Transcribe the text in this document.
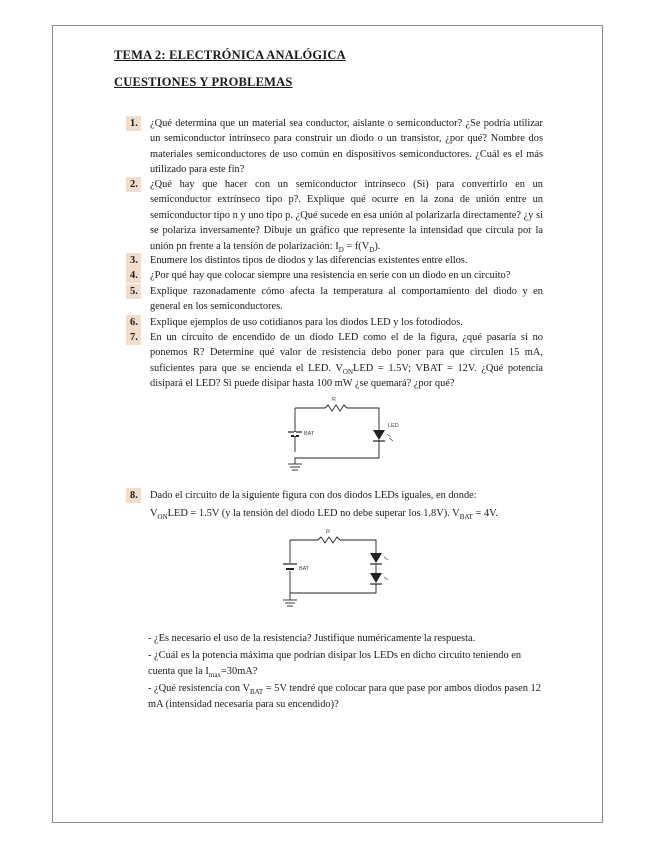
TEMA 2: ELECTRÓNICA ANALÓGICA
CUESTIONES Y PROBLEMAS
1. ¿Qué determina que un material sea conductor, aislante o semiconductor? ¿Se podría utilizar un semiconductor intrínseco para construir un diodo o un transistor, ¿por qué? Nombre dos materiales semiconductores de uso común en dispositivos semiconductores. ¿Cuál es el más utilizado para este fin?
2. ¿Qué hay que hacer con un semiconductor intrínseco (Si) para convertirlo en un semiconductor extrínseco tipo p?. Explique qué ocurre en la zona de unión entre un semiconductor tipo n y uno tipo p. ¿Qué sucede en esa unión al polarizarla directamente? ¿y si se polariza inversamente? Dibuje un gráfico que represente la intensidad que circula por la unión pn frente a la tensión de polarización: $I_D = f(V_D)$.
3. Enumere los distintos tipos de diodos y las diferencias existentes entre ellos.
4. ¿Por qué hay que colocar siempre una resistencia en serie con un diodo en un circuito?
5. Explique razonadamente cómo afecta la temperatura al comportamiento del diodo y en general en los semiconductores.
6. Explique ejemplos de uso cotidianos para los diodos LED y los fotodiodos.
7. En un circuito de encendido de un diodo LED como el de la figura, ¿qué pasaría si no ponemos R? Determine qué valor de resistencia debo poner para que circulen 15 mA, suficientes para que se encienda el LED. $V_{ON}LED = 1.5V$; VBAT = 12V. ¿Qué potencia disipará el LED? Si puede disipar hasta 100 mW ¿se quemará? ¿por qué?
R
BAT
LED
8. Dado el circuito de la siguiente figura con dos diodos LEDs iguales, en donde:
$V_{ON}LED = 1.5V$ (y la tensión del diodo LED no debe superar los 1.8V). $V_{BAT} = 4V$.
R
BAT

- ¿Es necesario el uso de la resistencia? Justifique numéricamente la respuesta.

- ¿Cuál es la potencia máxima que podrían disipar los LEDs en dicho circuito teniendo en cuenta que la $I_{max}=30mA$?

- ¿Qué resistencia con $V_{BAT} = 5V$ tendré que colocar para que pase por ambos diodos pasen 12 mA (intensidad necesaria para su encendido)?
